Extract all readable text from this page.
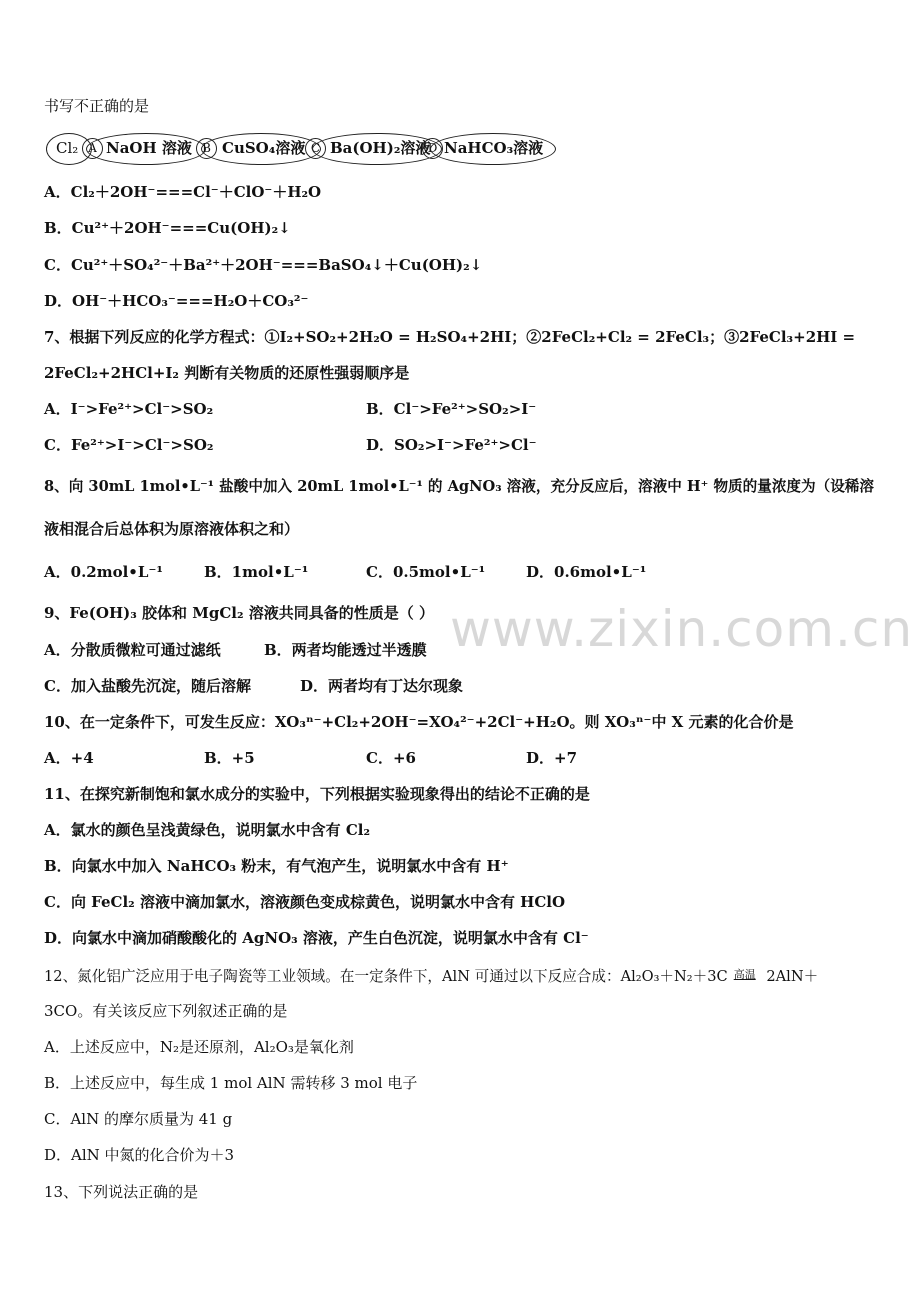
www.zixin.com.cn
书写不正确的是
Cl₂ A NaOH 溶液 B CuSO₄溶液 C Ba(OH)₂溶液
D NaHCO₃溶液
A．Cl₂＋2OH⁻===Cl⁻＋ClO⁻＋H₂O
B．Cu²⁺＋2OH⁻===Cu(OH)₂↓
C．Cu²⁺＋SO₄²⁻＋Ba²⁺＋2OH⁻===BaSO₄↓＋Cu(OH)₂↓
D．OH⁻＋HCO₃⁻===H₂O＋CO₃²⁻
7、根据下列反应的化学方程式：①I₂+SO₂+2H₂O = H₂SO₄+2HI；②2FeCl₂+Cl₂ = 2FeCl₃；③2FeCl₃+2HI =
2FeCl₂+2HCl+I₂ 判断有关物质的还原性强弱顺序是
A．I⁻>Fe²⁺>Cl⁻>SO₂	B．Cl⁻>Fe²⁺>SO₂>I⁻
C．Fe²⁺>I⁻>Cl⁻>SO₂	D．SO₂>I⁻>Fe²⁺>Cl⁻
8、向 30mL 1mol•L⁻¹ 盐酸中加入 20mL 1mol•L⁻¹ 的 AgNO₃ 溶液，充分反应后，溶液中 H⁺ 物质的量浓度为（设稀溶
液相混合后总体积为原溶液体积之和）
A．0.2mol•L⁻¹	B．1mol•L⁻¹	C．0.5mol•L⁻¹	D．0.6mol•L⁻¹
9、Fe(OH)₃ 胶体和 MgCl₂ 溶液共同具备的性质是（ ）
A．分散质微粒可通过滤纸	B．两者均能透过半透膜
C．加入盐酸先沉淀，随后溶解	D．两者均有丁达尔现象
10、在一定条件下，可发生反应：XO₃ⁿ⁻+Cl₂+2OH⁻=XO₄²⁻+2Cl⁻+H₂O。则 XO₃ⁿ⁻中 X 元素的化合价是
A．+4	B．+5	C．+6	D．+7
11、在探究新制饱和氯水成分的实验中，下列根据实验现象得出的结论不正确的是
A．氯水的颜色呈浅黄绿色，说明氯水中含有 Cl₂
B．向氯水中加入 NaHCO₃ 粉末，有气泡产生，说明氯水中含有 H⁺
C．向 FeCl₂ 溶液中滴加氯水，溶液颜色变成棕黄色，说明氯水中含有 HClO
D．向氯水中滴加硝酸酸化的 AgNO₃ 溶液，产生白色沉淀，说明氯水中含有 Cl⁻
12、氮化铝广泛应用于电子陶瓷等工业领域。在一定条件下，AlN 可通过以下反应合成：Al₂O₃＋N₂＋3C $^{高温}$ 2AlN＋
3CO。有关该反应下列叙述正确的是
A．上述反应中，N₂是还原剂，Al₂O₃是氧化剂
B．上述反应中，每生成 1 mol AlN 需转移 3 mol 电子
C．AlN 的摩尔质量为 41 g
D．AlN 中氮的化合价为＋3
13、下列说法正确的是
